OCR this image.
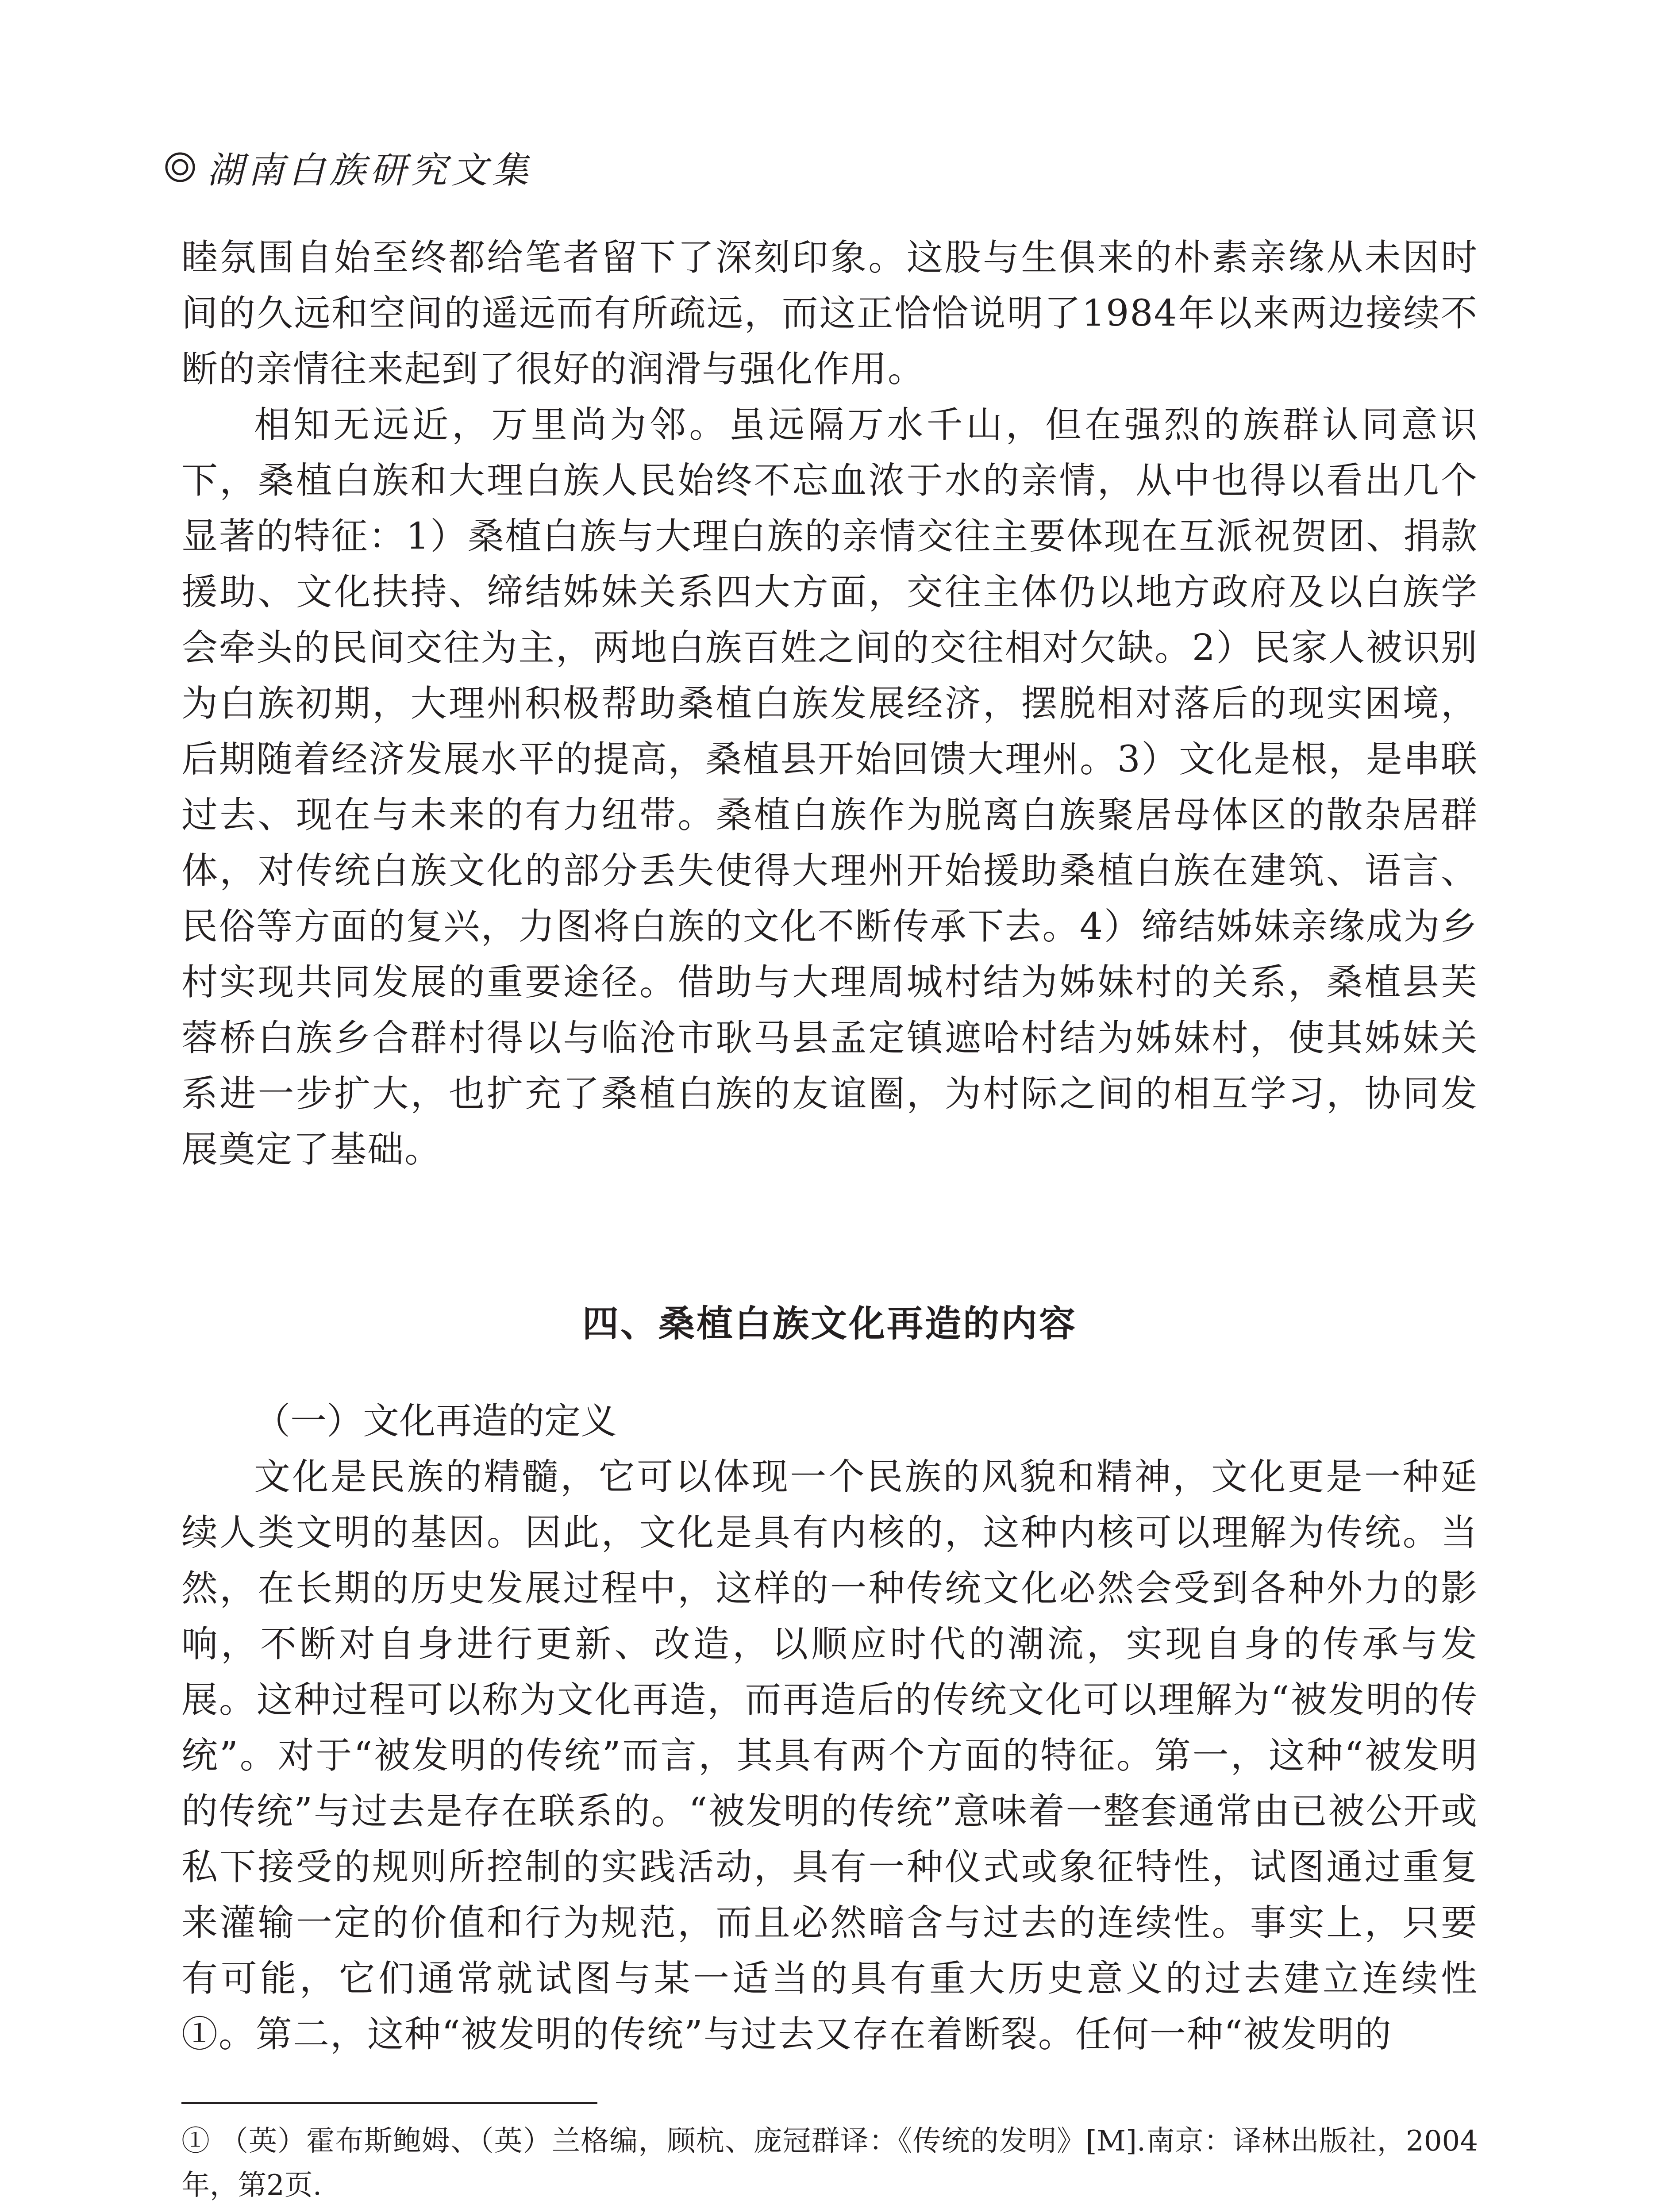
湖南白族研究文集

睦氛围自始至终都给笔者留下了深刻印象。这股与生俱来的朴素亲缘从未因时间的久远和空间的遥远而有所疏远，而这正恰恰说明了1984年以来两边接续不断的亲情往来起到了很好的润滑与强化作用。

相知无远近，万里尚为邻。虽远隔万水千山，但在强烈的族群认同意识下，桑植白族和大理白族人民始终不忘血浓于水的亲情，从中也得以看出几个显著的特征：1）桑植白族与大理白族的亲情交往主要体现在互派祝贺团、捐款援助、文化扶持、缔结姊妹关系四大方面，交往主体仍以地方政府及以白族学会牵头的民间交往为主，两地白族百姓之间的交往相对欠缺。2）民家人被识别为白族初期，大理州积极帮助桑植白族发展经济，摆脱相对落后的现实困境，后期随着经济发展水平的提高，桑植县开始回馈大理州。3）文化是根，是串联过去、现在与未来的有力纽带。桑植白族作为脱离白族聚居母体区的散杂居群体，对传统白族文化的部分丢失使得大理州开始援助桑植白族在建筑、语言、民俗等方面的复兴，力图将白族的文化不断传承下去。4）缔结姊妹亲缘成为乡村实现共同发展的重要途径。借助与大理周城村结为姊妹村的关系，桑植县芙蓉桥白族乡合群村得以与临沧市耿马县孟定镇遮哈村结为姊妹村，使其姊妹关系进一步扩大，也扩充了桑植白族的友谊圈，为村际之间的相互学习，协同发展奠定了基础。

四、桑植白族文化再造的内容
（一）文化再造的定义

文化是民族的精髓，它可以体现一个民族的风貌和精神，文化更是一种延续人类文明的基因。因此，文化是具有内核的，这种内核可以理解为传统。当然，在长期的历史发展过程中，这样的一种传统文化必然会受到各种外力的影响，不断对自身进行更新、改造，以顺应时代的潮流，实现自身的传承与发展。这种过程可以称为文化再造，而再造后的传统文化可以理解为“被发明的传统”。对于“被发明的传统”而言，其具有两个方面的特征。第一，这种“被发明的传统”与过去是存在联系的。“被发明的传统”意味着一整套通常由已被公开或私下接受的规则所控制的实践活动，具有一种仪式或象征特性，试图通过重复来灌输一定的价值和行为规范，而且必然暗含与过去的连续性。事实上，只要有可能，它们通常就试图与某一适当的具有重大历史意义的过去建立连续性①。第二，这种“被发明的传统”与过去又存在着断裂。任何一种“被发明的

① （英）霍布斯鲍姆、（英）兰格编，顾杭、庞冠群译：《传统的发明》[M].南京：译林出版社，2004年，第2页.
